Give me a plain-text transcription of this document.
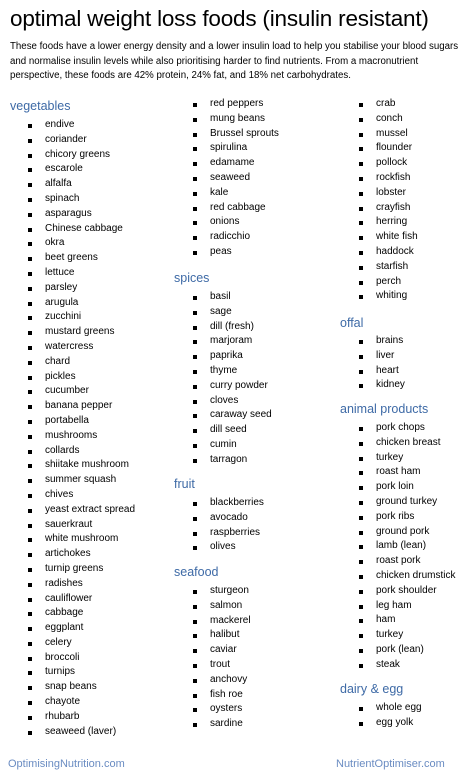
optimal weight loss foods (insulin resistant)
These foods have a lower energy density and a lower insulin load to help you stabilise your blood sugars and normalise insulin levels while also prioritising harder to find nutrients. From a macronutrient perspective, these foods are 42% protein, 24% fat, and 18% net carbohydrates.
vegetables
endive
coriander
chicory greens
escarole
alfalfa
spinach
asparagus
Chinese cabbage
okra
beet greens
lettuce
parsley
arugula
zucchini
mustard greens
watercress
chard
pickles
cucumber
banana pepper
portabella
mushrooms
collards
shiitake mushroom
summer squash
chives
yeast extract spread
sauerkraut
white mushroom
artichokes
turnip greens
radishes
cauliflower
cabbage
eggplant
celery
broccoli
turnips
snap beans
chayote
rhubarb
seaweed (laver)
red peppers
mung beans
Brussel sprouts
spirulina
edamame
seaweed
kale
red cabbage
onions
radicchio
peas
spices
basil
sage
dill (fresh)
marjoram
paprika
thyme
curry powder
cloves
caraway seed
dill seed
cumin
tarragon
fruit
blackberries
avocado
raspberries
olives
seafood
sturgeon
salmon
mackerel
halibut
caviar
trout
anchovy
fish roe
oysters
sardine
crab
conch
mussel
flounder
pollock
rockfish
lobster
crayfish
herring
white fish
haddock
starfish
perch
whiting
offal
brains
liver
heart
kidney
animal products
pork chops
chicken breast
turkey
roast ham
pork loin
ground turkey
pork ribs
ground pork
lamb (lean)
roast pork
chicken drumstick
pork shoulder
leg ham
ham
turkey
pork (lean)
steak
dairy & egg
whole egg
egg yolk
OptimisingNutrition.com	NutrientOptimiser.com
